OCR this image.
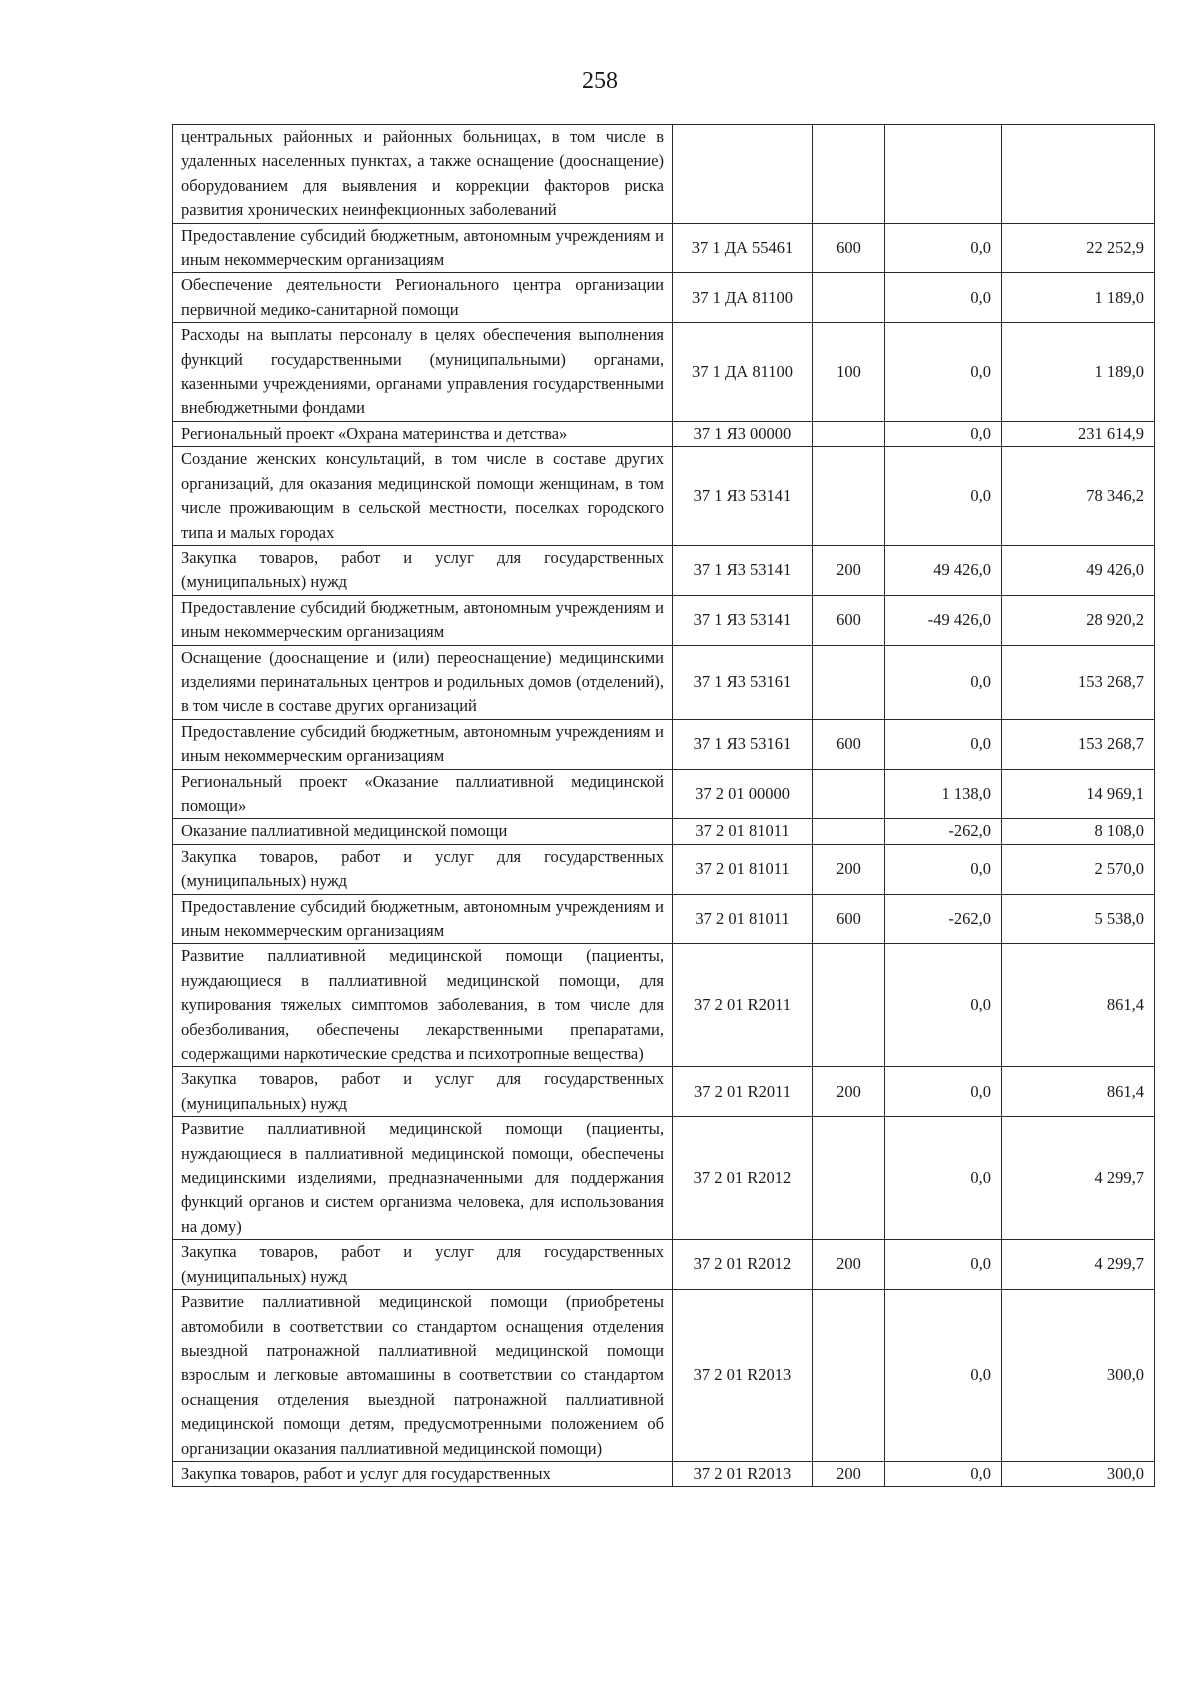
258
центральных районных и районных больницах, в том числе в удаленных населенных пунктах, а также оснащение (дооснащение) оборудованием для выявления и коррекции факторов риска развития хронических неинфекционных заболеваний				
Предоставление субсидий бюджетным, автономным учреждениям и иным некоммерческим организациям	37 1 ДА 55461	600	0,0	22 252,9
Обеспечение деятельности Регионального центра организации первичной медико-санитарной помощи	37 1 ДА 81100		0,0	1 189,0
Расходы на выплаты персоналу в целях обеспечения выполнения функций государственными (муниципальными) органами, казенными учреждениями, органами управления государственными внебюджетными фондами	37 1 ДА 81100	100	0,0	1 189,0
Региональный проект «Охрана материнства и детства»	37 1 Я3 00000		0,0	231 614,9
Создание женских консультаций, в том числе в составе других организаций, для оказания медицинской помощи женщинам, в том числе проживающим в сельской местности, поселках городского типа и малых городах	37 1 Я3 53141		0,0	78 346,2
Закупка товаров, работ и услуг для государственных (муниципальных) нужд	37 1 Я3 53141	200	49 426,0	49 426,0
Предоставление субсидий бюджетным, автономным учреждениям и иным некоммерческим организациям	37 1 Я3 53141	600	-49 426,0	28 920,2
Оснащение (дооснащение и (или) переоснащение) медицинскими изделиями перинатальных центров и родильных домов (отделений), в том числе в составе других организаций	37 1 Я3 53161		0,0	153 268,7
Предоставление субсидий бюджетным, автономным учреждениям и иным некоммерческим организациям	37 1 Я3 53161	600	0,0	153 268,7
Региональный проект «Оказание паллиативной медицинской помощи»	37 2 01 00000		1 138,0	14 969,1
Оказание паллиативной медицинской помощи	37 2 01 81011		-262,0	8 108,0
Закупка товаров, работ и услуг для государственных (муниципальных) нужд	37 2 01 81011	200	0,0	2 570,0
Предоставление субсидий бюджетным, автономным учреждениям и иным некоммерческим организациям	37 2 01 81011	600	-262,0	5 538,0
Развитие паллиативной медицинской помощи (пациенты, нуждающиеся в паллиативной медицинской помощи, для купирования тяжелых симптомов заболевания, в том числе для обезболивания, обеспечены лекарственными препаратами, содержащими наркотические средства и психотропные вещества)	37 2 01 R2011		0,0	861,4
Закупка товаров, работ и услуг для государственных (муниципальных) нужд	37 2 01 R2011	200	0,0	861,4
Развитие паллиативной медицинской помощи (пациенты, нуждающиеся в паллиативной медицинской помощи, обеспечены медицинскими изделиями, предназначенными для поддержания функций органов и систем организма человека, для использования на дому)	37 2 01 R2012		0,0	4 299,7
Закупка товаров, работ и услуг для государственных (муниципальных) нужд	37 2 01 R2012	200	0,0	4 299,7
Развитие паллиативной медицинской помощи (приобретены автомобили в соответствии со стандартом оснащения отделения выездной патронажной паллиативной медицинской помощи взрослым и легковые автомашины в соответствии со стандартом оснащения отделения выездной патронажной паллиативной медицинской помощи детям, предусмотренными положением об организации оказания паллиативной медицинской помощи)	37 2 01 R2013		0,0	300,0
Закупка товаров, работ и услуг для государственных	37 2 01 R2013	200	0,0	300,0
